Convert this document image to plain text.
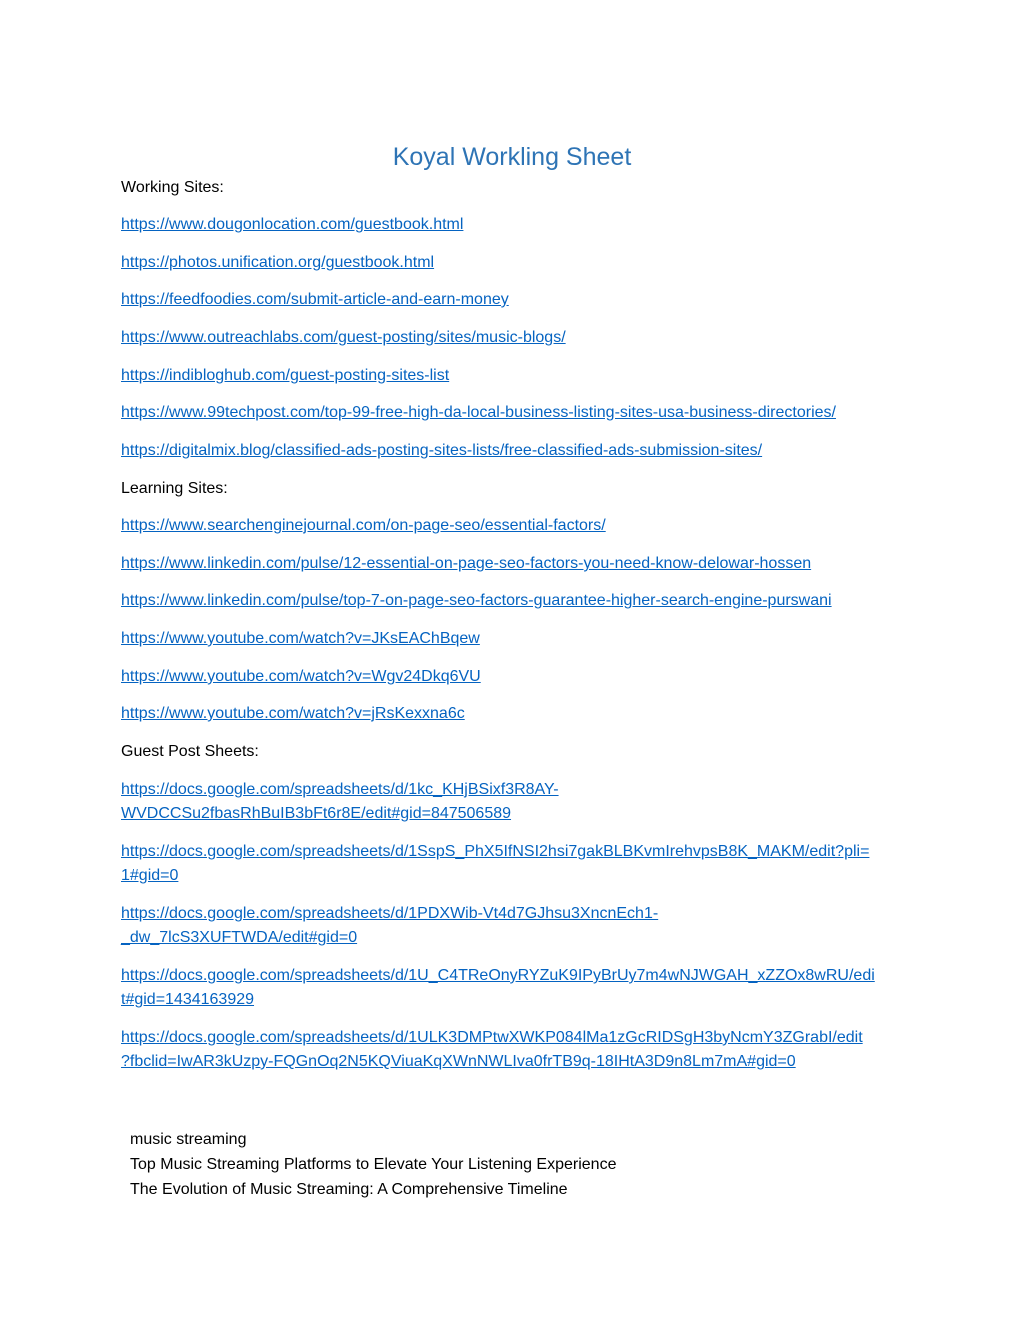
Koyal Workling Sheet
Working Sites:
https://www.dougonlocation.com/guestbook.html
https://photos.unification.org/guestbook.html
https://feedfoodies.com/submit-article-and-earn-money
https://www.outreachlabs.com/guest-posting/sites/music-blogs/
https://indibloghub.com/guest-posting-sites-list
https://www.99techpost.com/top-99-free-high-da-local-business-listing-sites-usa-business-directories/
https://digitalmix.blog/classified-ads-posting-sites-lists/free-classified-ads-submission-sites/
Learning Sites:
https://www.searchenginejournal.com/on-page-seo/essential-factors/
https://www.linkedin.com/pulse/12-essential-on-page-seo-factors-you-need-know-delowar-hossen
https://www.linkedin.com/pulse/top-7-on-page-seo-factors-guarantee-higher-search-engine-purswani
https://www.youtube.com/watch?v=JKsEAChBqew
https://www.youtube.com/watch?v=Wgv24Dkq6VU
https://www.youtube.com/watch?v=jRsKexxna6c
Guest Post Sheets:
https://docs.google.com/spreadsheets/d/1kc_KHjBSixf3R8AY-
WVDCCSu2fbasRhBuIB3bFt6r8E/edit#gid=847506589
https://docs.google.com/spreadsheets/d/1SspS_PhX5IfNSI2hsi7gakBLBKvmIrehvpsB8K_MAKM/edit?pli=
1#gid=0
https://docs.google.com/spreadsheets/d/1PDXWib-Vt4d7GJhsu3XncnEch1-
_dw_7lcS3XUFTWDA/edit#gid=0
https://docs.google.com/spreadsheets/d/1U_C4TReOnyRYZuK9IPyBrUy7m4wNJWGAH_xZZOx8wRU/edi
t#gid=1434163929
https://docs.google.com/spreadsheets/d/1ULK3DMPtwXWKP084lMa1zGcRIDSgH3byNcmY3ZGrabI/edit
?fbclid=IwAR3kUzpy-FQGnOq2N5KQViuaKqXWnNWLIva0frTB9q-18IHtA3D9n8Lm7mA#gid=0
music streaming
Top Music Streaming Platforms to Elevate Your Listening Experience
The Evolution of Music Streaming: A Comprehensive Timeline
